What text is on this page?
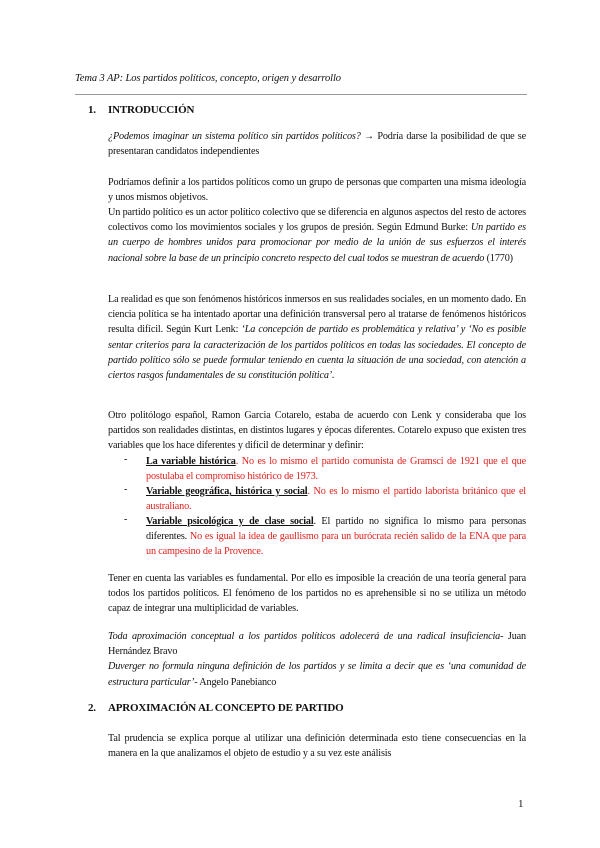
Tema 3 AP: Los partidos políticos, concepto, origen y desarrollo
1. INTRODUCCIÓN
¿Podemos imaginar un sistema político sin partidos políticos? → Podría darse la posibilidad de que se presentaran candidatos independientes
Podríamos definir a los partidos políticos como un grupo de personas que comparten una misma ideología y unos mismos objetivos.
Un partido político es un actor político colectivo que se diferencia en algunos aspectos del resto de actores colectivos como los movimientos sociales y los grupos de presión. Según Edmund Burke: Un partido es un cuerpo de hombres unidos para promocionar por medio de la unión de sus esfuerzos el interés nacional sobre la base de un principio concreto respecto del cual todos se muestran de acuerdo (1770)
La realidad es que son fenómenos históricos inmersos en sus realidades sociales, en un momento dado. En ciencia política se ha intentado aportar una definición transversal pero al tratarse de fenómenos históricos resulta difícil. Según Kurt Lenk: ‘La concepción de partido es problemática y relativa’ y ‘No es posible sentar criterios para la caracterización de los partidos políticos en todas las sociedades. El concepto de partido político sólo se puede formular teniendo en cuenta la situación de una sociedad, con atención a ciertos rasgos fundamentales de su constitución política’.
Otro politólogo español, Ramon Garcia Cotarelo, estaba de acuerdo con Lenk y consideraba que los partidos son realidades distintas, en distintos lugares y épocas diferentes. Cotarelo expuso que existen tres variables que los hace diferentes y difícil de determinar y definir:
- La variable histórica. No es lo mismo el partido comunista de Gramsci de 1921 que el que postulaba el compromiso histórico de 1973.
- Variable geográfica, histórica y social. No es lo mismo el partido laborista británico que el australiano.
- Variable psicológica y de clase social. El partido no significa lo mismo para personas diferentes. No es igual la idea de gaullismo para un burócrata recién salido de la ENA que para un campesino de la Provence.
Tener en cuenta las variables es fundamental. Por ello es imposible la creación de una teoría general para todos los partidos políticos. El fenómeno de los partidos no es aprehensible si no se utiliza un método capaz de integrar una multiplicidad de variables.
Toda aproximación conceptual a los partidos políticos adolecerá de una radical insuficiencia- Juan Hernández Bravo
Duverger no formula ninguna definición de los partidos y se limita a decir que es ‘una comunidad de estructura particular’- Angelo Panebianco
2. APROXIMACIÓN AL CONCEPTO DE PARTIDO
Tal prudencia se explica porque al utilizar una definición determinada esto tiene consecuencias en la manera en la que analizamos el objeto de estudio y a su vez este análisis
1
